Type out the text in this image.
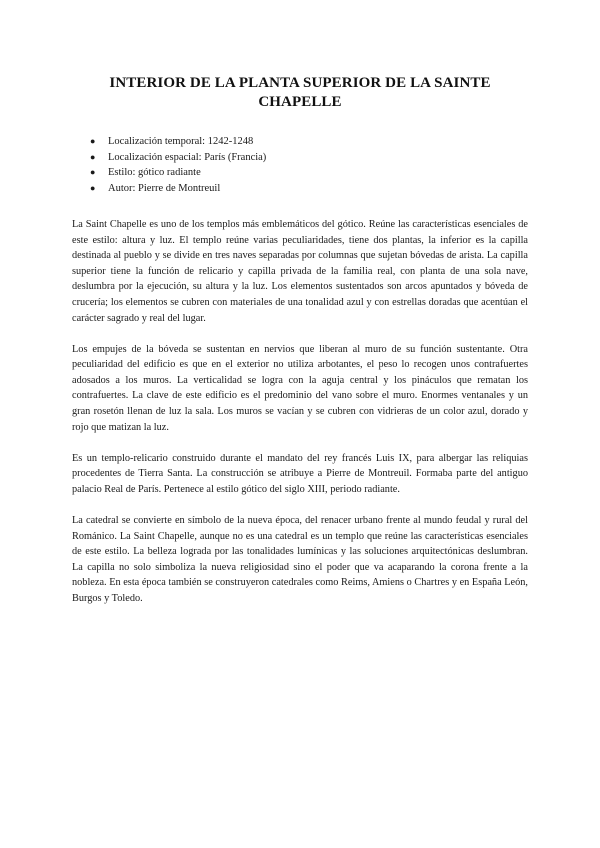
INTERIOR DE LA PLANTA SUPERIOR DE LA SAINTE CHAPELLE
● Localización temporal: 1242-1248
● Localización espacial: París (Francia)
● Estilo: gótico radiante
● Autor: Pierre de Montreuil

La Saint Chapelle es uno de los templos más emblemáticos del gótico. Reúne las características esenciales de este estilo: altura y luz. El templo reúne varias peculiaridades, tiene dos plantas, la inferior es la capilla destinada al pueblo y se divide en tres naves separadas por columnas que sujetan bóvedas de arista. La capilla superior tiene la función de relicario y capilla privada de la familia real, con planta de una sola nave, deslumbra por la ejecución, su altura y la luz. Los elementos sustentados son arcos apuntados y bóveda de crucería; los elementos se cubren con materiales de una tonalidad azul y con estrellas doradas que acentúan el carácter sagrado y real del lugar.

Los empujes de la bóveda se sustentan en nervios que liberan al muro de su función sustentante. Otra peculiaridad del edificio es que en el exterior no utiliza arbotantes, el peso lo recogen unos contrafuertes adosados a los muros. La verticalidad se logra con la aguja central y los pináculos que rematan los contrafuertes. La clave de este edificio es el predominio del vano sobre el muro. Enormes ventanales y un gran rosetón llenan de luz la sala. Los muros se vacían y se cubren con vidrieras de un color azul, dorado y rojo que matizan la luz.

Es un templo-relicario construido durante el mandato del rey francés Luis IX, para albergar las reliquias procedentes de Tierra Santa. La construcción se atribuye a Pierre de Montreuil. Formaba parte del antiguo palacio Real de París. Pertenece al estilo gótico del siglo XIII, periodo radiante.

La catedral se convierte en símbolo de la nueva época, del renacer urbano frente al mundo feudal y rural del Románico. La Saint Chapelle, aunque no es una catedral es un templo que reúne las características esenciales de este estilo. La belleza lograda por las tonalidades lumínicas y las soluciones arquitectónicas deslumbran. La capilla no solo simboliza la nueva religiosidad sino el poder que va acaparando la corona frente a la nobleza. En esta época también se construyeron catedrales como Reims, Amiens o Chartres y en España León, Burgos y Toledo.
